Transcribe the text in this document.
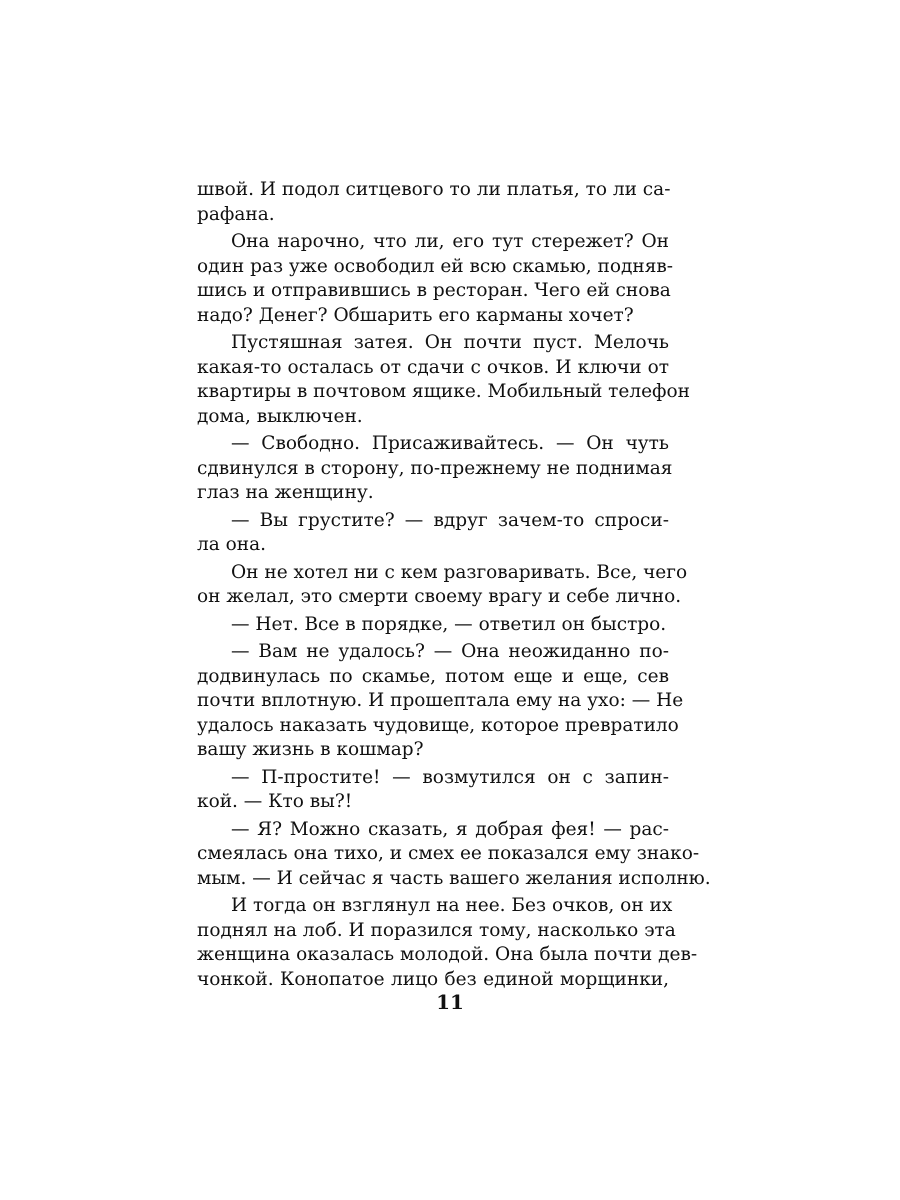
швой. И подол ситцевого то ли платья, то ли са-
рафана.
Она нарочно, что ли, его тут стережет? Он
один раз уже освободил ей всю скамью, подняв-
шись и отправившись в ресторан. Чего ей снова
надо? Денег? Обшарить его карманы хочет?
Пустяшная затея. Он почти пуст. Мелочь
какая-то осталась от сдачи с очков. И ключи от
квартиры в почтовом ящике. Мобильный телефон
дома, выключен.
— Свободно. Присаживайтесь. — Он чуть
сдвинулся в сторону, по-прежнему не поднимая
глаз на женщину.
— Вы грустите? — вдруг зачем-то спроси-
ла она.
Он не хотел ни с кем разговаривать. Все, чего
он желал, это смерти своему врагу и себе лично.
— Нет. Все в порядке, — ответил он быстро.
— Вам не удалось? — Она неожиданно по-
додвинулась по скамье, потом еще и еще, сев
почти вплотную. И прошептала ему на ухо: — Не
удалось наказать чудовище, которое превратило
вашу жизнь в кошмар?
— П-простите! — возмутился он с запин-
кой. — Кто вы?!
— Я? Можно сказать, я добрая фея! — рас-
смеялась она тихо, и смех ее показался ему знако-
мым. — И сейчас я часть вашего желания исполню.
И тогда он взглянул на нее. Без очков, он их
поднял на лоб. И поразился тому, насколько эта
женщина оказалась молодой. Она была почти дев-
чонкой. Конопатое лицо без единой морщинки,
11
